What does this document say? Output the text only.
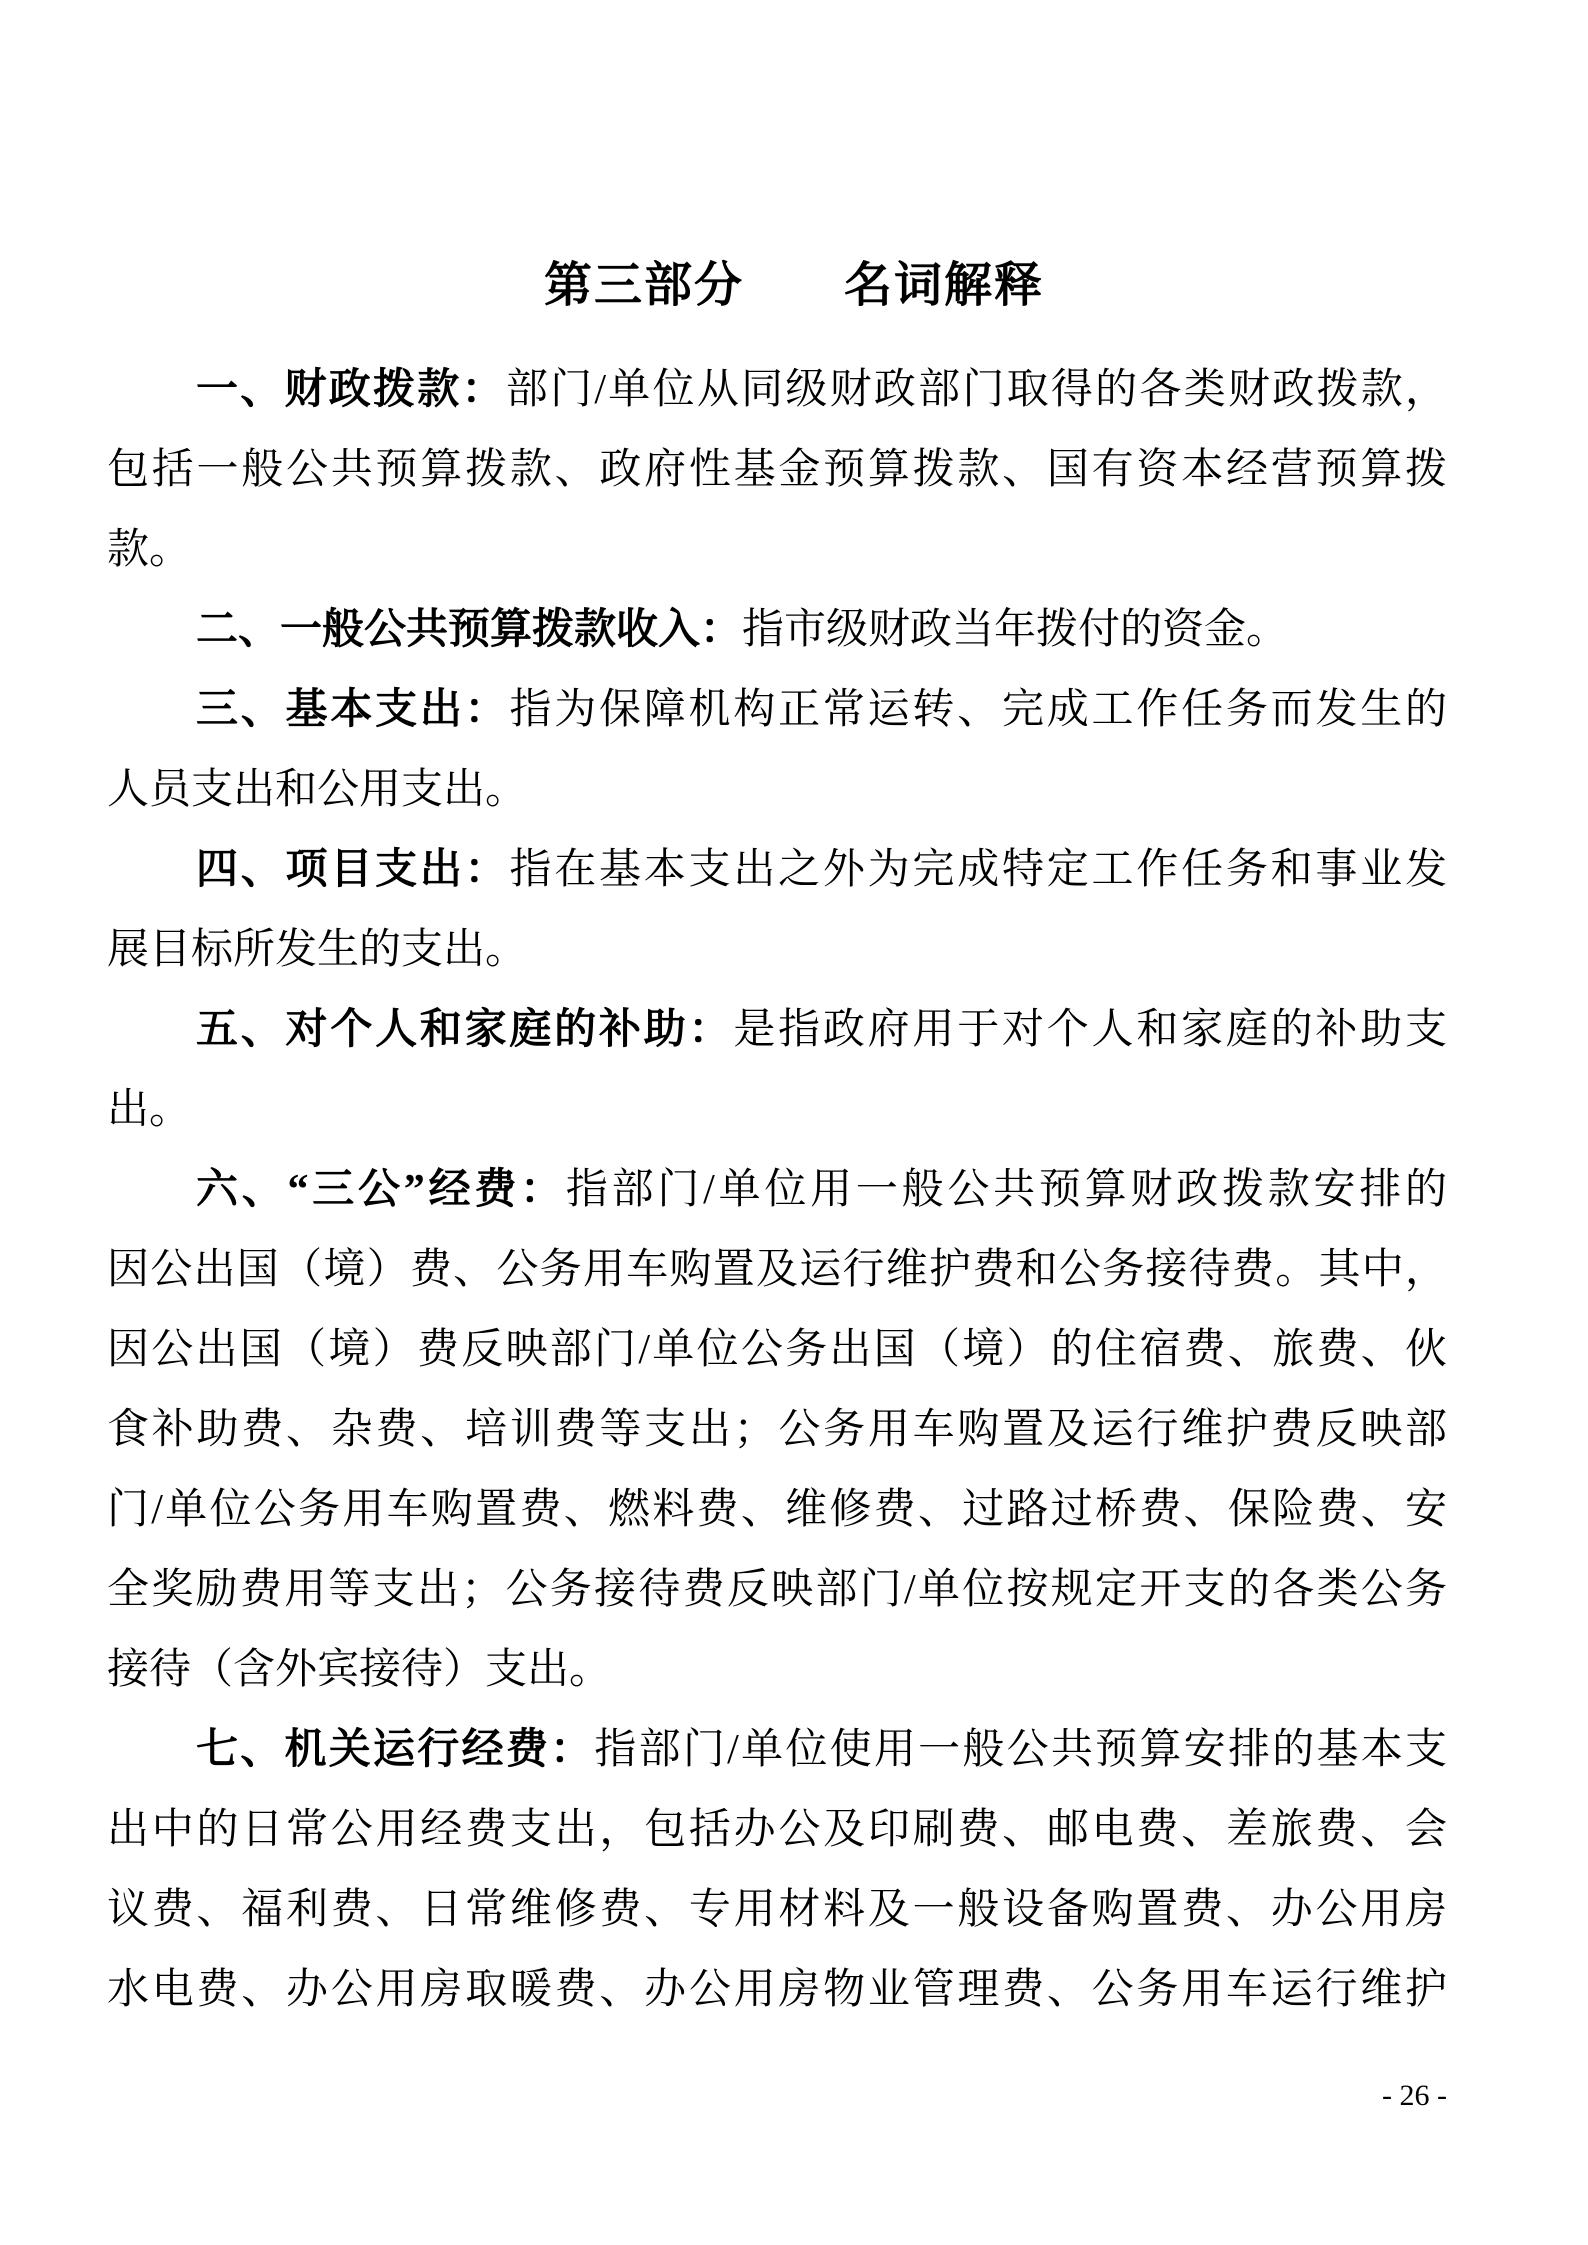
第三部分　　名词解释
一、财政拨款：部门/单位从同级财政部门取得的各类财政拨款，
包括一般公共预算拨款、政府性基金预算拨款、国有资本经营预算拨
款。
二、一般公共预算拨款收入：指市级财政当年拨付的资金。
三、基本支出：指为保障机构正常运转、完成工作任务而发生的
人员支出和公用支出。
四、项目支出：指在基本支出之外为完成特定工作任务和事业发
展目标所发生的支出。
五、对个人和家庭的补助：是指政府用于对个人和家庭的补助支
出。
六、“三公”经费：指部门/单位用一般公共预算财政拨款安排的
因公出国（境）费、公务用车购置及运行维护费和公务接待费。其中，
因公出国（境）费反映部门/单位公务出国（境）的住宿费、旅费、伙
食补助费、杂费、培训费等支出；公务用车购置及运行维护费反映部
门/单位公务用车购置费、燃料费、维修费、过路过桥费、保险费、安
全奖励费用等支出；公务接待费反映部门/单位按规定开支的各类公务
接待（含外宾接待）支出。
七、机关运行经费：指部门/单位使用一般公共预算安排的基本支
出中的日常公用经费支出，包括办公及印刷费、邮电费、差旅费、会
议费、福利费、日常维修费、专用材料及一般设备购置费、办公用房
水电费、办公用房取暖费、办公用房物业管理费、公务用车运行维护
- 26 -
